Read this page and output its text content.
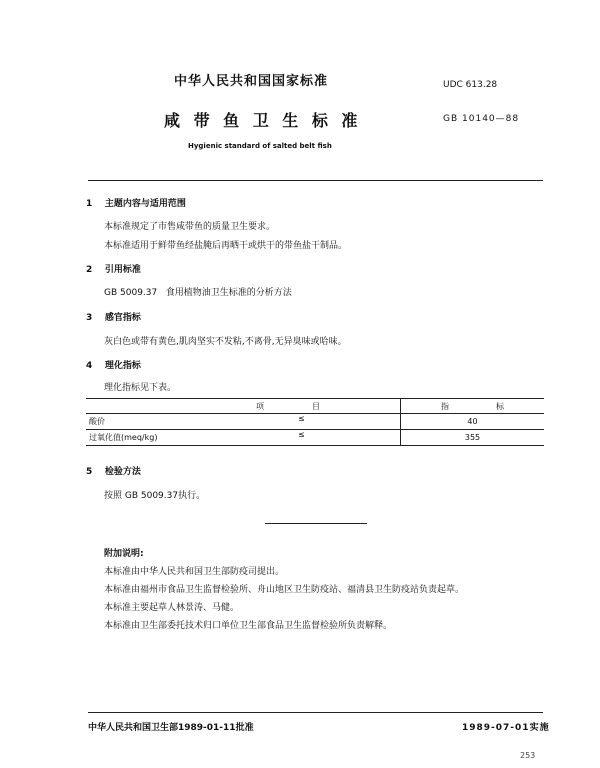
中华人民共和国国家标准	UDC 613.28
咸 带 鱼 卫 生 标 准	GB 10140—88
Hygienic standard of salted belt fish
1 主题内容与适用范围
本标准规定了市售咸带鱼的质量卫生要求。
本标准适用于鲜带鱼经盐腌后再晒干或烘干的带鱼盐干制品。
2 引用标准
GB 5009.37   食用植物油卫生标准的分析方法
3 感官指标
灰白色或带有黄色,肌肉坚实不发粘,不离骨,无异臭味或哈味。
4 理化指标
理化指标见下表。
项 目	指 标
酸价 ≤	40
过氧化值(meq/kg) ≤	355
5 检验方法
按照 GB 5009.37执行。
附加说明:
本标准由中华人民共和国卫生部防疫司提出。
本标准由福州市食品卫生监督检验所、舟山地区卫生防疫站、福清县卫生防疫站负责起草。
本标准主要起草人林景涛、马健。
本标准由卫生部委托技术归口单位卫生部食品卫生监督检验所负责解释。
中华人民共和国卫生部1989-01-11批准	1989-07-01实施
253
